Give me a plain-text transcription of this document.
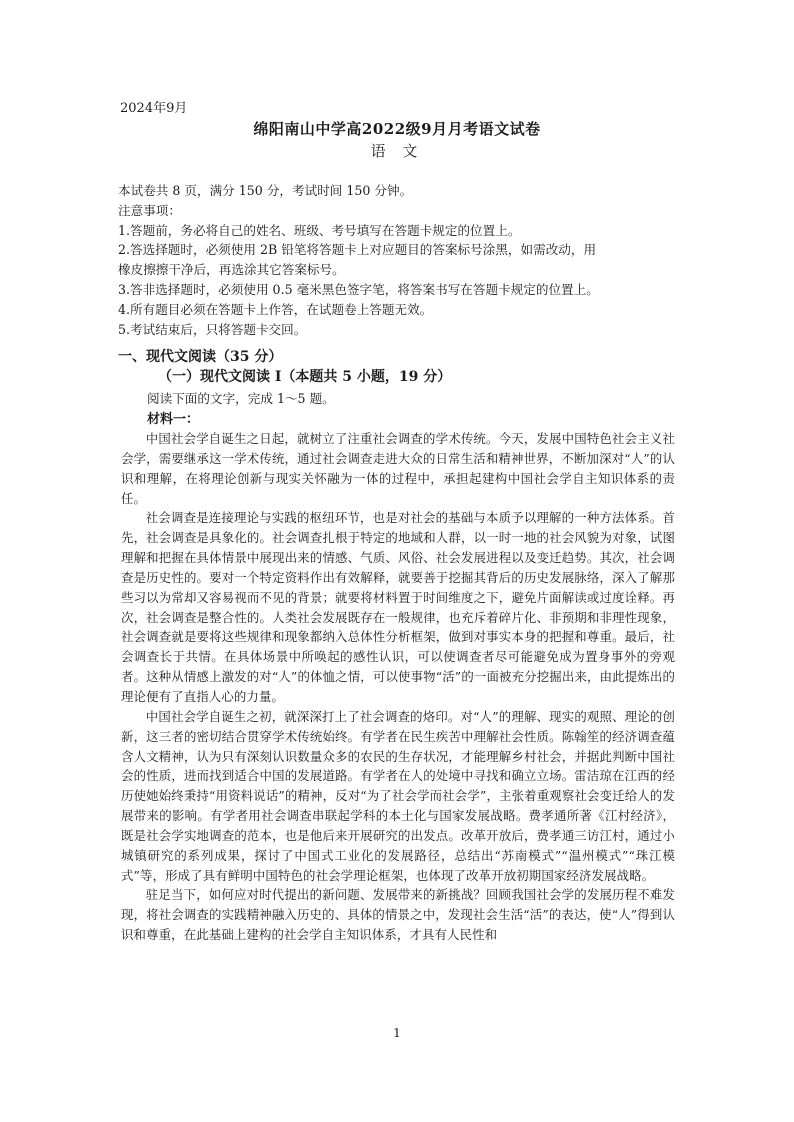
2024年9月
绵阳南山中学高2022级9月月考语文试卷
语 文
本试卷共 8 页，满分 150 分，考试时间 150 分钟。
注意事项：
1.答题前，务必将自己的姓名、班级、考号填写在答题卡规定的位置上。
2.答选择题时，必须使用 2B 铅笔将答题卡上对应题目的答案标号涂黑，如需改动，用
橡皮擦擦干净后，再选涂其它答案标号。
3.答非选择题时，必须使用 0.5 毫米黑色签字笔，将答案书写在答题卡规定的位置上。
4.所有题目必须在答题卡上作答，在试题卷上答题无效。
5.考试结束后，只将答题卡交回。
一、现代文阅读（35 分）
（一）现代文阅读 I（本题共 5 小题，19 分）
阅读下面的文字，完成 1～5 题。
材料一：

中国社会学自诞生之日起，就树立了注重社会调查的学术传统。今天，发展中国特色社会主义社会学，需要继承这一学术传统，通过社会调查走进大众的日常生活和精神世界，不断加深对“人”的认识和理解，在将理论创新与现实关怀融为一体的过程中，承担起建构中国社会学自主知识体系的责任。

社会调查是连接理论与实践的枢纽环节，也是对社会的基础与本质予以理解的一种方法体系。首先，社会调查是具象化的。社会调查扎根于特定的地域和人群，以一时一地的社会风貌为对象，试图理解和把握在具体情景中展现出来的情感、气质、风俗、社会发展进程以及变迁趋势。其次，社会调查是历史性的。要对一个特定资料作出有效解释，就要善于挖掘其背后的历史发展脉络，深入了解那些习以为常却又容易视而不见的背景；就要将材料置于时间维度之下，避免片面解读或过度诠释。再次，社会调查是整合性的。人类社会发展既存在一般规律，也充斥着碎片化、非预期和非理性现象，社会调查就是要将这些规律和现象都纳入总体性分析框架，做到对事实本身的把握和尊重。最后，社会调查长于共情。在具体场景中所唤起的感性认识，可以使调查者尽可能避免成为置身事外的旁观者。这种从情感上激发的对“人”的体恤之情，可以使事物“活”的一面被充分挖掘出来，由此提炼出的理论便有了直指人心的力量。

中国社会学自诞生之初，就深深打上了社会调查的烙印。对“人”的理解、现实的观照、理论的创新，这三者的密切结合贯穿学术传统始终。有学者在民生疾苦中理解社会性质。陈翰笙的经济调查蕴含人文精神，认为只有深刻认识数量众多的农民的生存状况，才能理解乡村社会，并据此判断中国社会的性质，进而找到适合中国的发展道路。有学者在人的处境中寻找和确立立场。雷洁琼在江西的经历使她始终秉持“用资料说话”的精神，反对“为了社会学而社会学”，主张着重观察社会变迁给人的发展带来的影响。有学者用社会调查串联起学科的本土化与国家发展战略。费孝通所著《江村经济》，既是社会学实地调查的范本，也是他后来开展研究的出发点。改革开放后，费孝通三访江村，通过小城镇研究的系列成果，探讨了中国式工业化的发展路径，总结出“苏南模式”“温州模式”“珠江模式”等，形成了具有鲜明中国特色的社会学理论框架，也体现了改革开放初期国家经济发展战略。

驻足当下，如何应对时代提出的新问题、发展带来的新挑战？回顾我国社会学的发展历程不难发现，将社会调查的实践精神融入历史的、具体的情景之中，发现社会生活“活”的表达，使“人”得到认识和尊重，在此基础上建构的社会学自主知识体系，才具有人民性和

1
